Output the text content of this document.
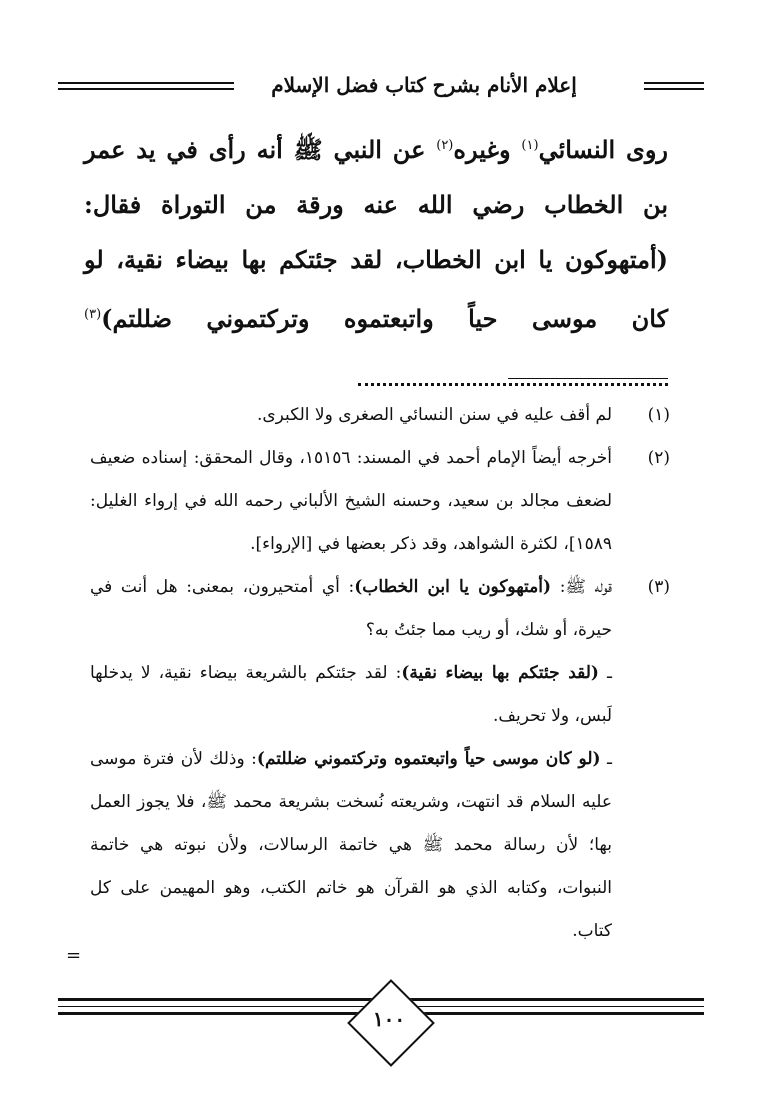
إعلام الأنام بشرح كتاب فضل الإسلام

روى النسائي$^{(١)}$ وغيره$^{(٢)}$ عن النبي ﷺ أنه رأى في يد عمر بن الخطاب رضي الله عنه ورقة من التوراة فقال: (أمتهوكون يا ابن الخطاب، لقد جئتكم بها بيضاء نقية، لو كان موسى حياً واتبعتموه وتركتموني ضللتم)$^{(٣)}$

(١)

لم أقف عليه في سنن النسائي الصغرى ولا الكبرى.

(٢)

أخرجه أيضاً الإمام أحمد في المسند: ١٥١٥٦، وقال المحقق: إسناده ضعيف لضعف مجالد بن سعيد، وحسنه الشيخ الألباني رحمه الله في إرواء الغليل: ١٥٨٩]، لكثرة الشواهد، وقد ذكر بعضها في [الإرواء].

(٣)

قوله ﷺ: (أمتهوكون يا ابن الخطاب): أي أمتحيرون، بمعنى: هل أنت في حيرة، أو شك، أو ريب مما جئتُ به؟

ـ (لقد جئتكم بها بيضاء نقية): لقد جئتكم بالشريعة بيضاء نقية، لا يدخلها لَبس، ولا تحريف.

ـ (لو كان موسى حياً واتبعتموه وتركتموني ضللتم): وذلك لأن فترة موسى عليه السلام قد انتهت، وشريعته نُسخت بشريعة محمد ﷺ، فلا يجوز العمل بها؛ لأن رسالة محمد ﷺ هي خاتمة الرسالات، ولأن نبوته هي خاتمة النبوات، وكتابه الذي هو القرآن هو خاتم الكتب، وهو المهيمن على كل كتاب.

=
١٠٠
